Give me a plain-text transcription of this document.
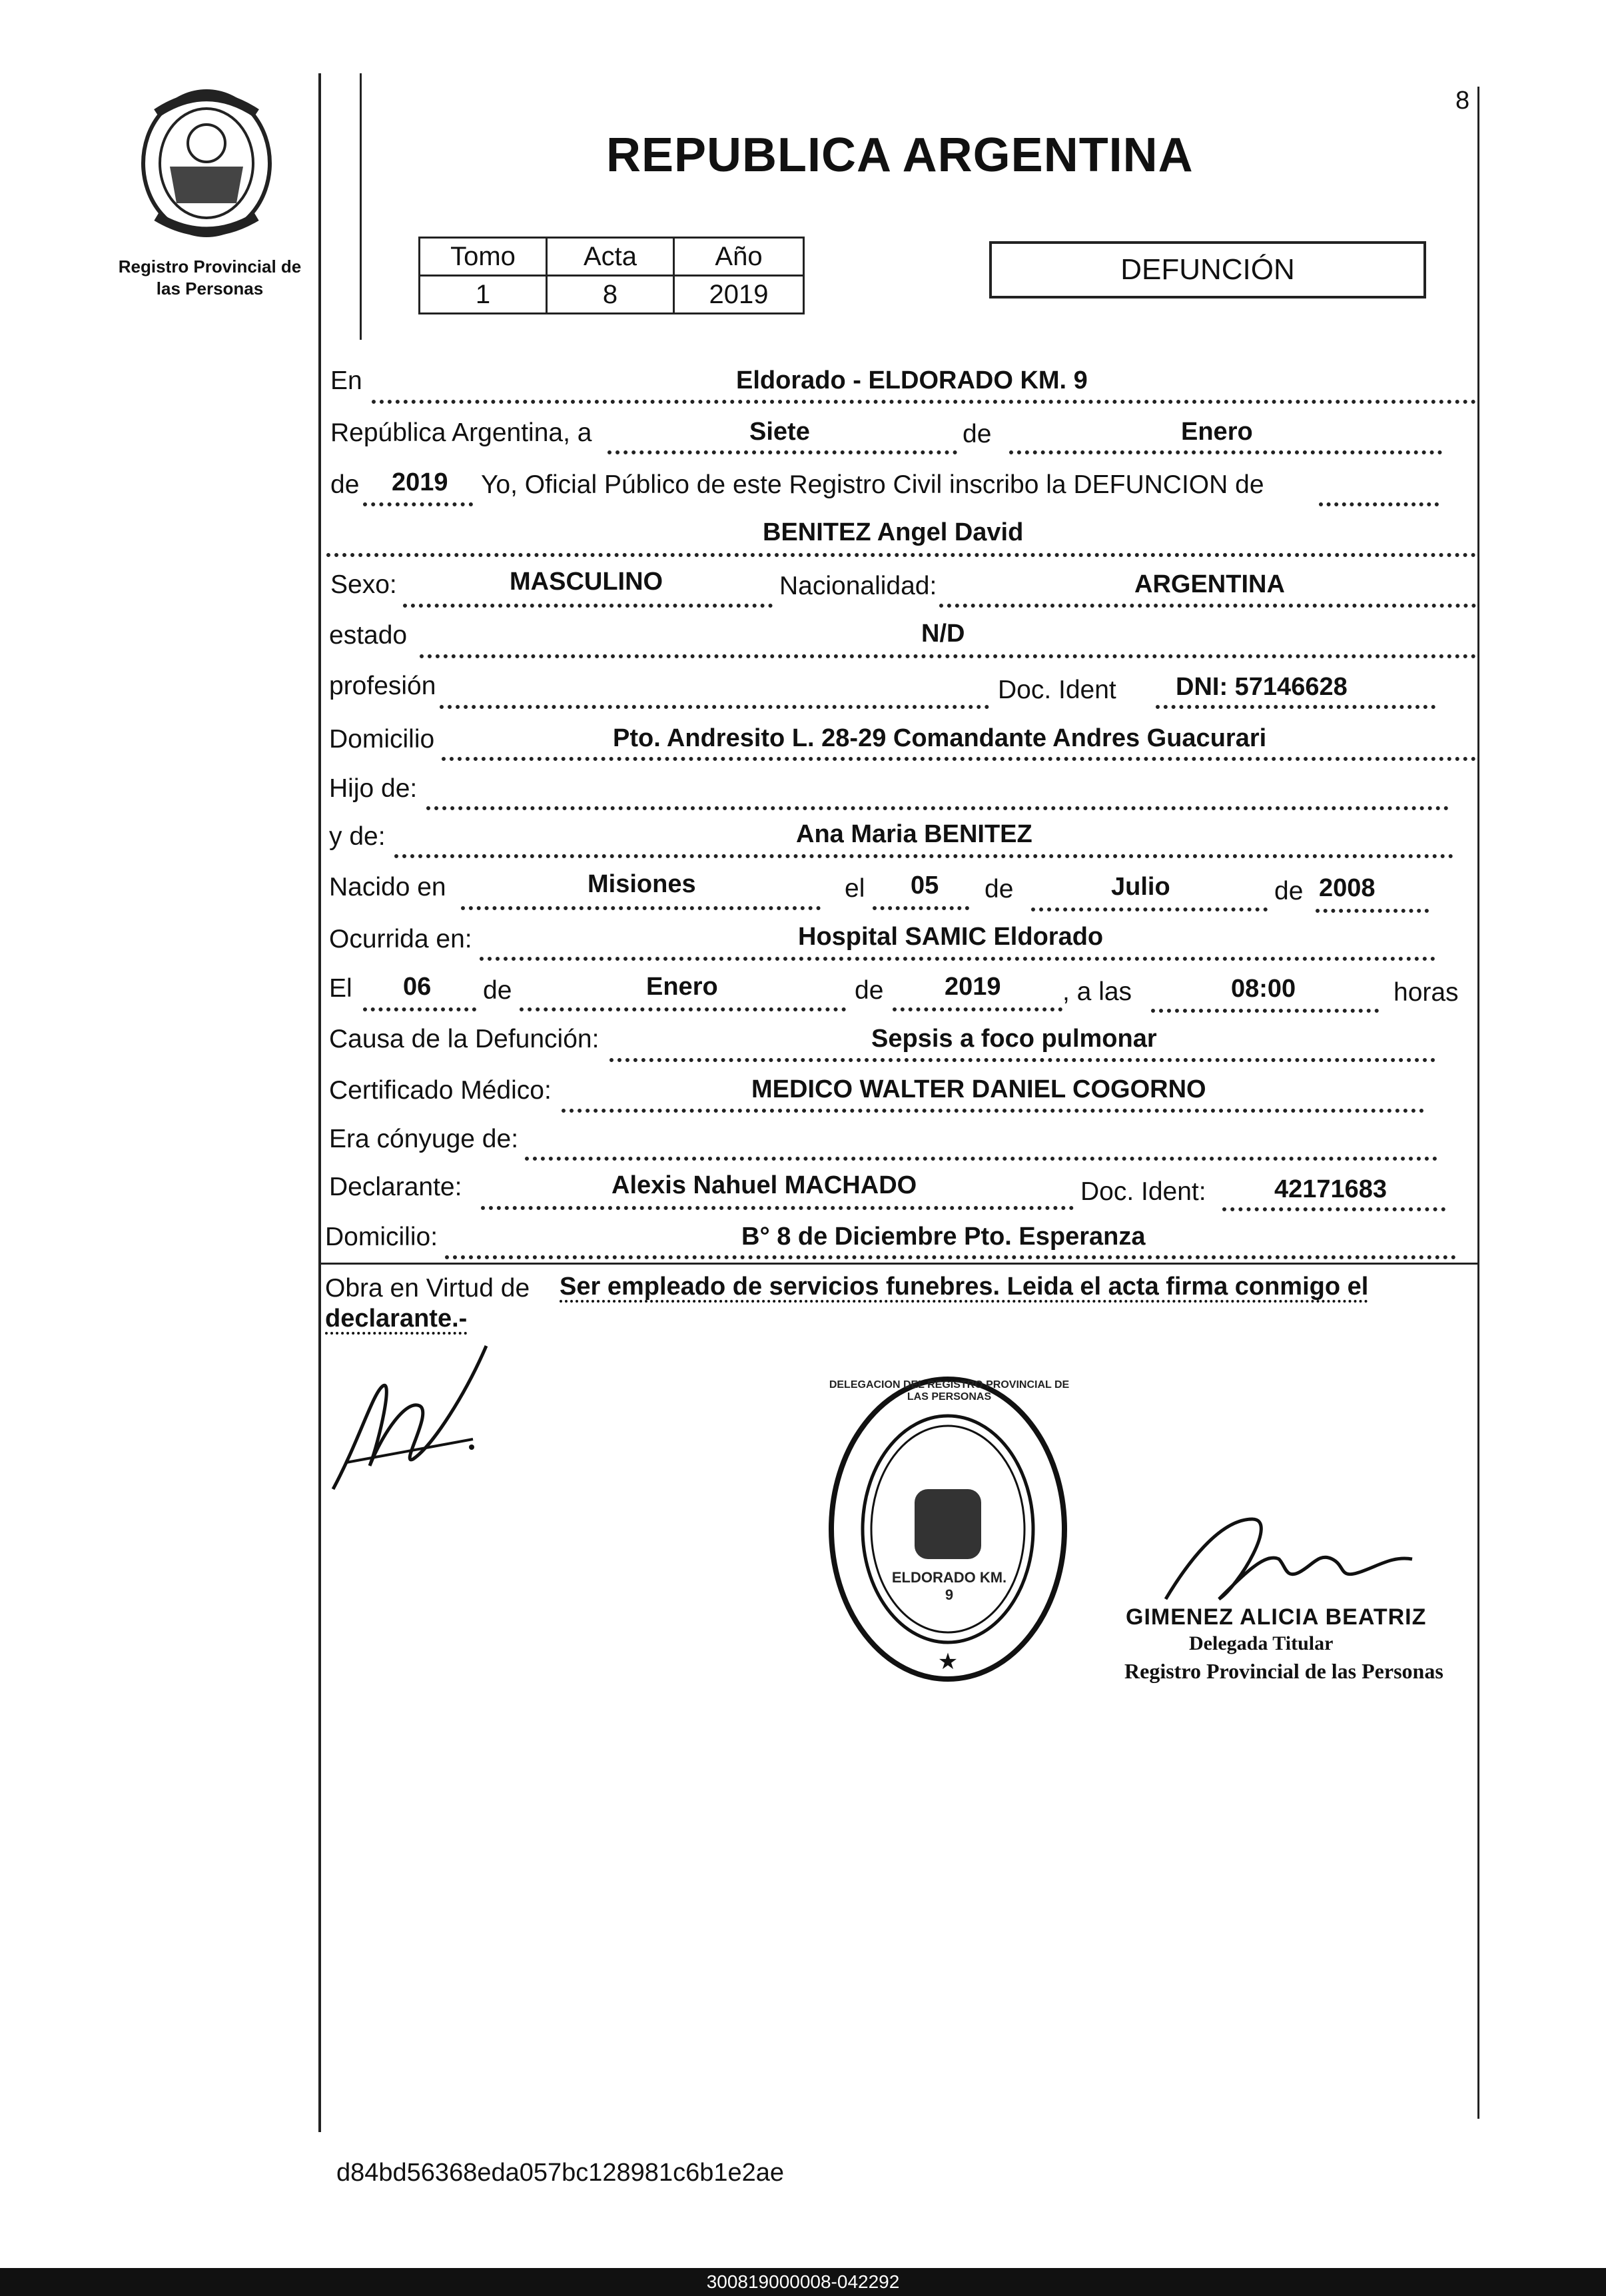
Registro Provincial de
las Personas
8
REPUBLICA ARGENTINA
Tomo	Acta	Año
1	8	2019
DEFUNCIÓN
En	Eldorado - ELDORADO KM. 9
República Argentina, a	Siete	de	Enero
de 2019 Yo, Oficial Público de este Registro Civil inscribo la DEFUNCION de
BENITEZ Angel David
Sexo:	MASCULINO	Nacionalidad:	ARGENTINA
estado	N/D
profesión	Doc. Ident DNI: 57146628
Domicilio	Pto. Andresito L. 28-29 Comandante Andres Guacurari
Hijo de:
y de:	Ana Maria BENITEZ
Nacido en	Misiones	el 05 de	Julio	de 2008
Ocurrida en:	Hospital SAMIC Eldorado
El 06 de	Enero	de 2019 , a las	08:00	horas
Causa de la Defunción:	Sepsis a foco pulmonar
Certificado Médico:	MEDICO WALTER DANIEL COGORNO
Era cónyuge de:
Declarante:	Alexis Nahuel MACHADO	Doc. Ident:	42171683
Domicilio:	B° 8 de Diciembre Pto. Esperanza
Obra en Virtud de Ser empleado de servicios funebres. Leida el acta firma conmigo el
declarante.-
★
DELEGACION DEL REGISTRO PROVINCIAL DE LAS PERSONAS
ELDORADO KM. 9
GIMENEZ ALICIA BEATRIZ
Delegada Titular
Registro Provincial de las Personas
d84bd56368eda057bc128981c6b1e2ae
300819000008-042292
